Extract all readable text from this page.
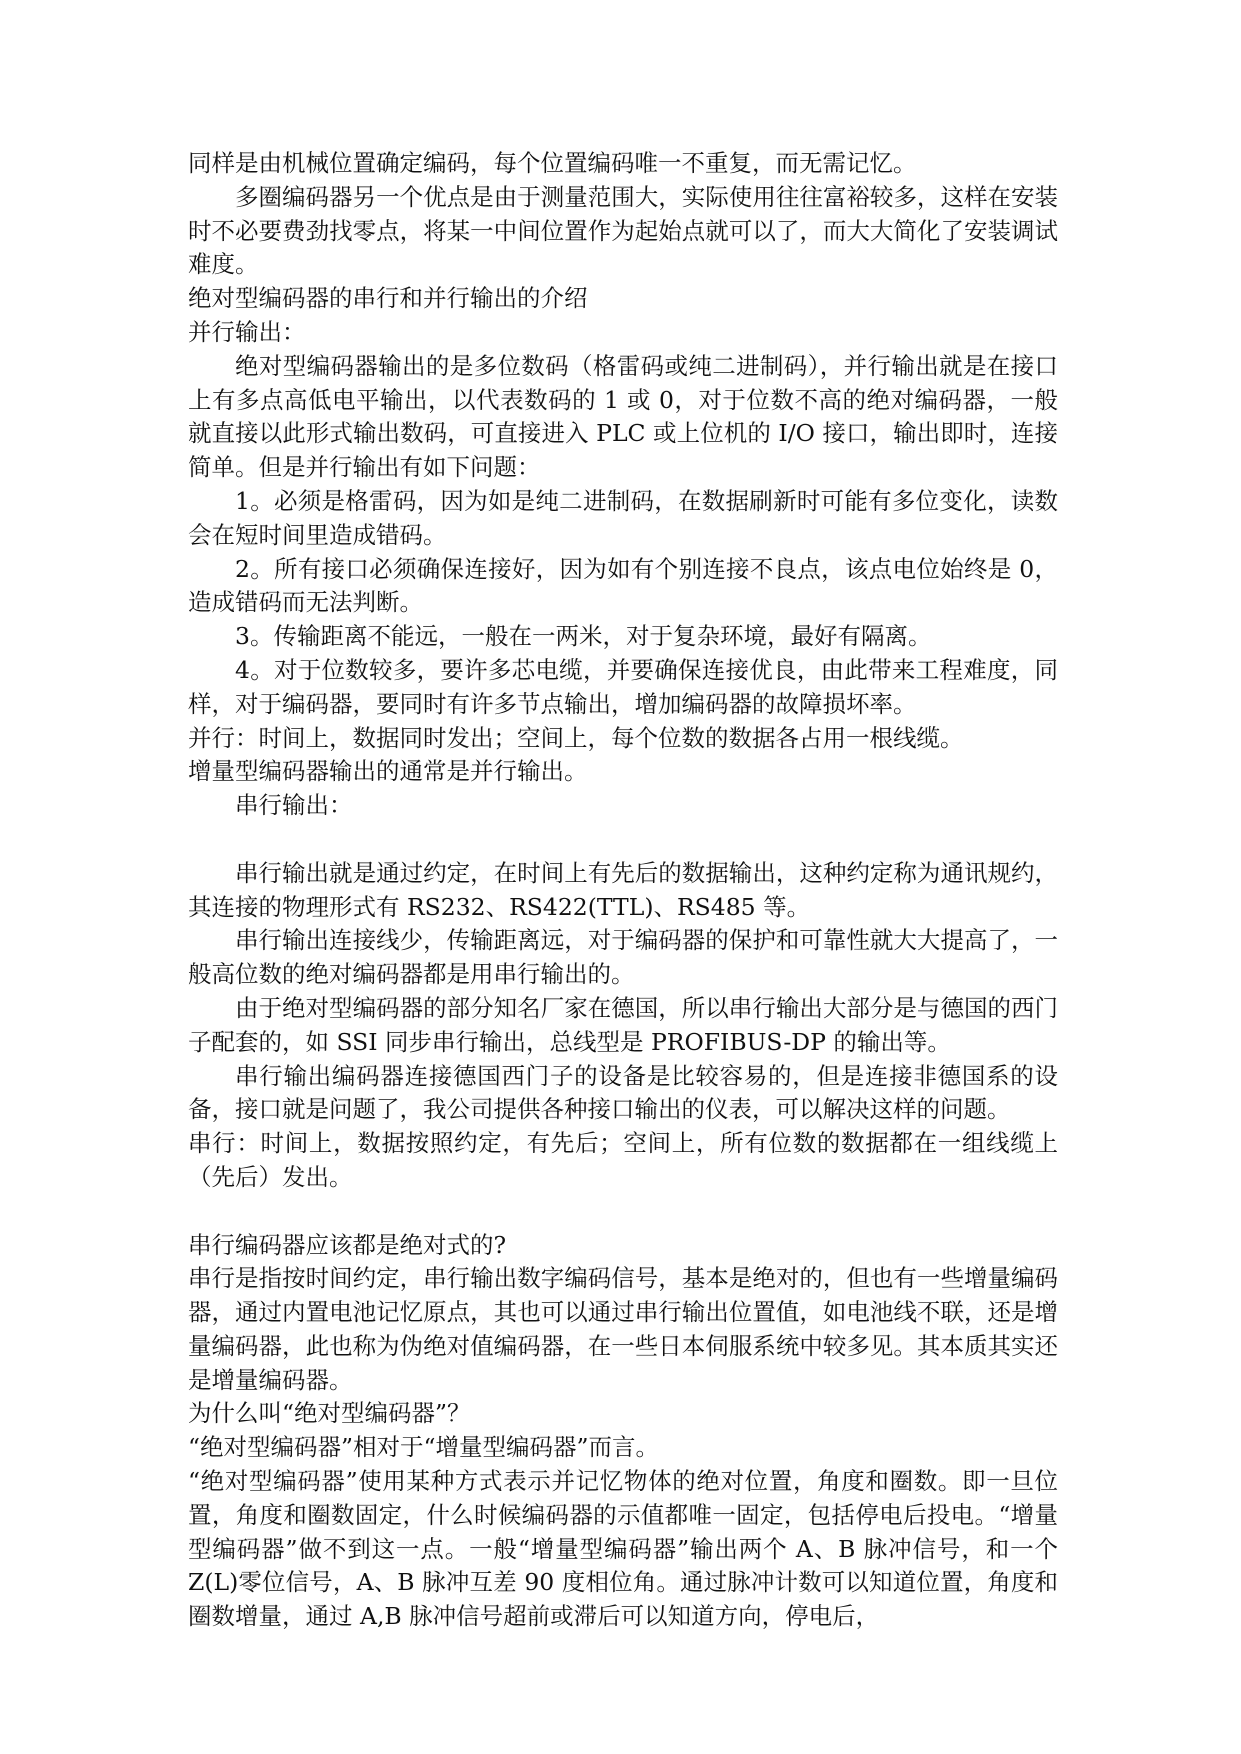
同样是由机械位置确定编码，每个位置编码唯一不重复，而无需记忆。

多圈编码器另一个优点是由于测量范围大，实际使用往往富裕较多，这样在安装时不必要费劲找零点，将某一中间位置作为起始点就可以了，而大大简化了安装调试难度。

绝对型编码器的串行和并行输出的介绍

并行输出：

绝对型编码器输出的是多位数码（格雷码或纯二进制码），并行输出就是在接口上有多点高低电平输出，以代表数码的 1 或 0，对于位数不高的绝对编码器，一般就直接以此形式输出数码，可直接进入 PLC 或上位机的 I/O 接口，输出即时，连接简单。但是并行输出有如下问题：

1。必须是格雷码，因为如是纯二进制码，在数据刷新时可能有多位变化，读数会在短时间里造成错码。

2。所有接口必须确保连接好，因为如有个别连接不良点，该点电位始终是 0，造成错码而无法判断。

3。传输距离不能远，一般在一两米，对于复杂环境，最好有隔离。

4。对于位数较多，要许多芯电缆，并要确保连接优良，由此带来工程难度，同样，对于编码器，要同时有许多节点输出，增加编码器的故障损坏率。

并行：时间上，数据同时发出；空间上，每个位数的数据各占用一根线缆。

增量型编码器输出的通常是并行输出。

串行输出：

串行输出就是通过约定，在时间上有先后的数据输出，这种约定称为通讯规约，其连接的物理形式有 RS232、RS422(TTL)、RS485 等。

串行输出连接线少，传输距离远，对于编码器的保护和可靠性就大大提高了，一般高位数的绝对编码器都是用串行输出的。

由于绝对型编码器的部分知名厂家在德国，所以串行输出大部分是与德国的西门子配套的，如 SSI 同步串行输出，总线型是 PROFIBUS-DP 的输出等。

串行输出编码器连接德国西门子的设备是比较容易的，但是连接非德国系的设备，接口就是问题了，我公司提供各种接口输出的仪表，可以解决这样的问题。

串行：时间上，数据按照约定，有先后；空间上，所有位数的数据都在一组线缆上（先后）发出。

串行编码器应该都是绝对式的?

串行是指按时间约定，串行输出数字编码信号，基本是绝对的，但也有一些增量编码器，通过内置电池记忆原点，其也可以通过串行输出位置值，如电池线不联，还是增量编码器，此也称为伪绝对值编码器，在一些日本伺服系统中较多见。其本质其实还是增量编码器。

为什么叫“绝对型编码器”？

“绝对型编码器”相对于“增量型编码器”而言。

“绝对型编码器”使用某种方式表示并记忆物体的绝对位置，角度和圈数。即一旦位置，角度和圈数固定，什么时候编码器的示值都唯一固定，包括停电后投电。“增量型编码器”做不到这一点。一般“增量型编码器”输出两个 A、B 脉冲信号，和一个 Z(L)零位信号，A、B 脉冲互差 90 度相位角。通过脉冲计数可以知道位置，角度和圈数增量，通过 A,B 脉冲信号超前或滞后可以知道方向，停电后，
